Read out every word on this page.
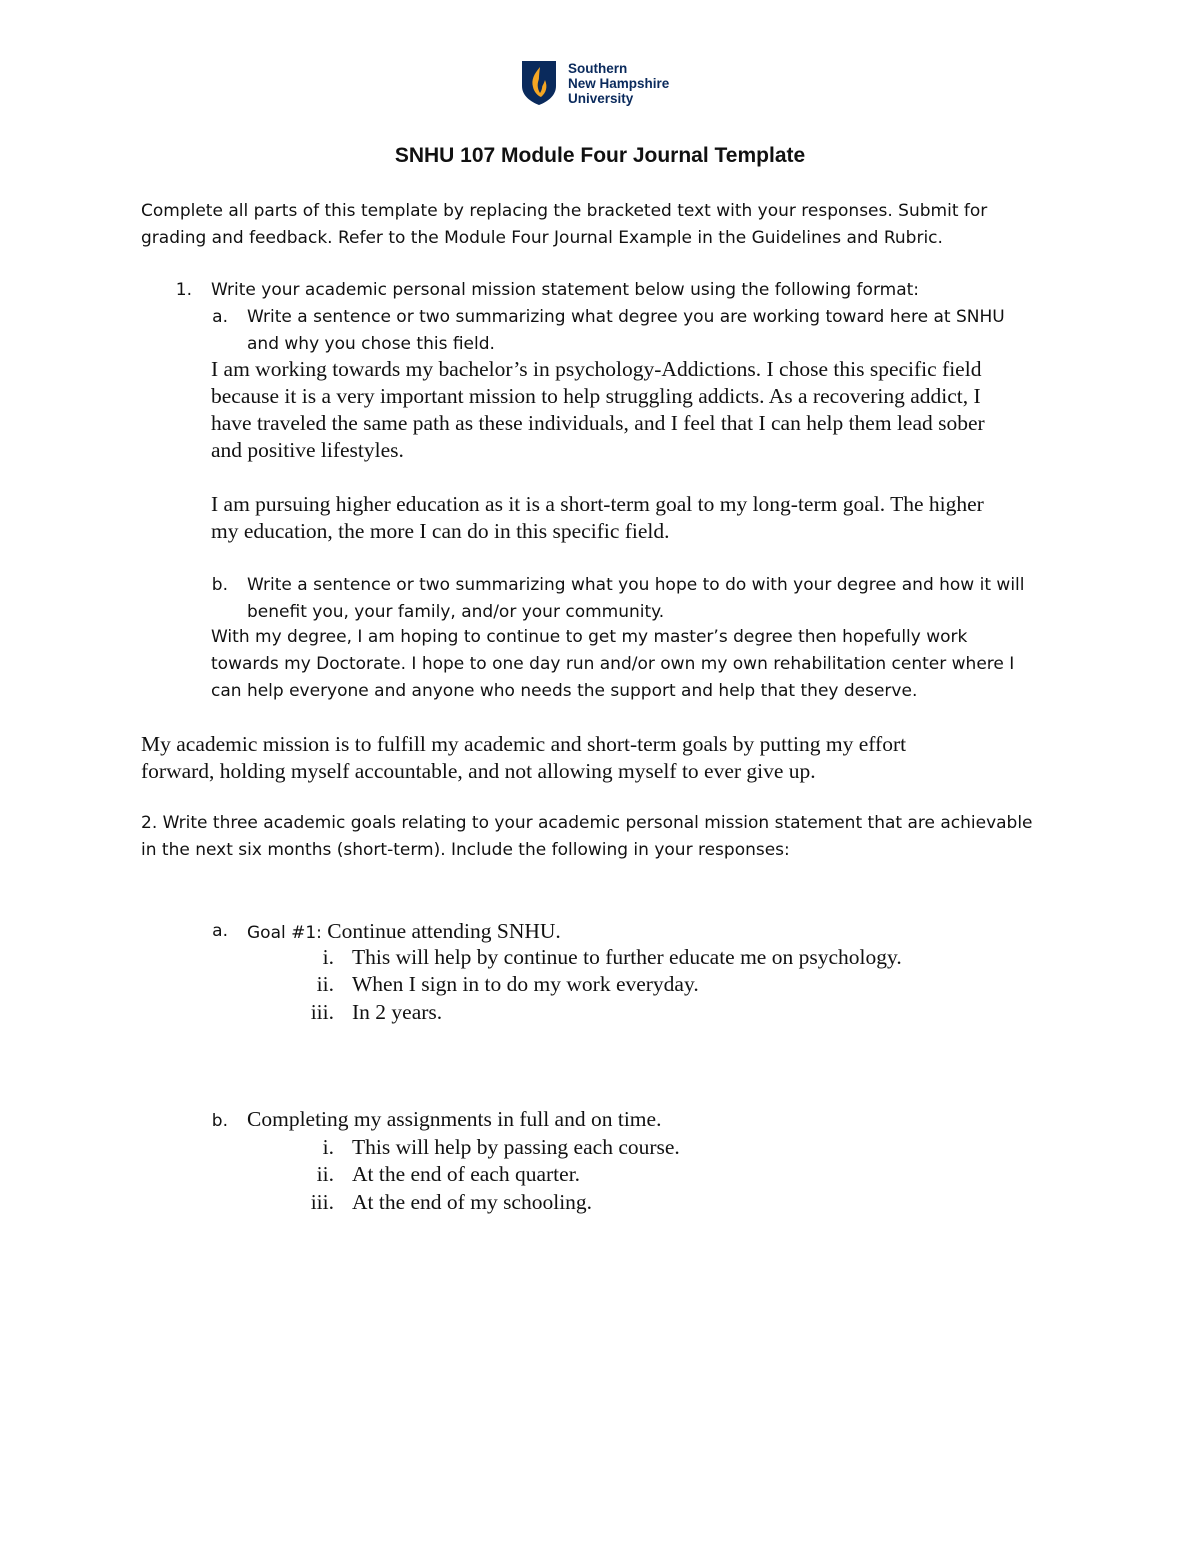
Southern
New Hampshire
University
SNHU 107 Module Four Journal Template
Complete all parts of this template by replacing the bracketed text with your responses. Submit for
grading and feedback. Refer to the Module Four Journal Example in the Guidelines and Rubric.
1. Write your academic personal mission statement below using the following format:
a. Write a sentence or two summarizing what degree you are working toward here at SNHU
and why you chose this field.
I am working towards my bachelor’s in psychology-Addictions. I chose this specific field
because it is a very important mission to help struggling addicts. As a recovering addict, I
have traveled the same path as these individuals, and I feel that I can help them lead sober
and positive lifestyles.
I am pursuing higher education as it is a short-term goal to my long-term goal. The higher
my education, the more I can do in this specific field.
b. Write a sentence or two summarizing what you hope to do with your degree and how it will
benefit you, your family, and/or your community.
With my degree, I am hoping to continue to get my master’s degree then hopefully work
towards my Doctorate. I hope to one day run and/or own my own rehabilitation center where I
can help everyone and anyone who needs the support and help that they deserve.
My academic mission is to fulfill my academic and short-term goals by putting my effort
forward, holding myself accountable, and not allowing myself to ever give up.
2. Write three academic goals relating to your academic personal mission statement that are achievable
in the next six months (short-term). Include the following in your responses:
a. Goal #1: Continue attending SNHU.
i. This will help by continue to further educate me on psychology.
ii. When I sign in to do my work everyday.
iii. In 2 years.
b. Completing my assignments in full and on time.
i. This will help by passing each course.
ii. At the end of each quarter.
iii. At the end of my schooling.
